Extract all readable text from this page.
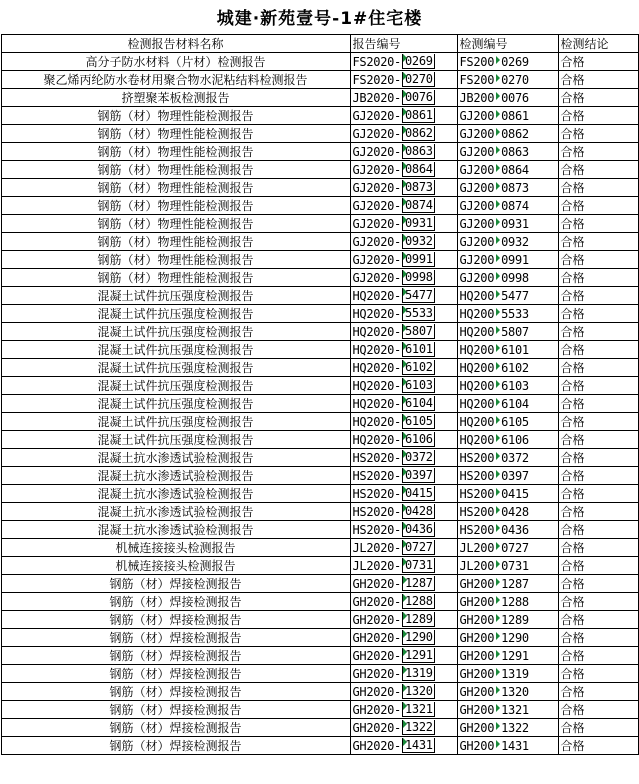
城建·新苑壹号-1#住宅楼
检测报告材料名称	报告编号	检测编号	检测结论
高分子防水材料（片材）检测报告	FS2020- 0269	FS200 0269	合格
聚乙烯丙纶防水卷材用聚合物水泥粘结料检测报告	FS2020- 0270	FS200 0270	合格
挤塑聚苯板检测报告	JB2020- 0076	JB200 0076	合格
钢筋（材）物理性能检测报告	GJ2020- 0861	GJ200 0861	合格
钢筋（材）物理性能检测报告	GJ2020- 0862	GJ200 0862	合格
钢筋（材）物理性能检测报告	GJ2020- 0863	GJ200 0863	合格
钢筋（材）物理性能检测报告	GJ2020- 0864	GJ200 0864	合格
钢筋（材）物理性能检测报告	GJ2020- 0873	GJ200 0873	合格
钢筋（材）物理性能检测报告	GJ2020- 0874	GJ200 0874	合格
钢筋（材）物理性能检测报告	GJ2020- 0931	GJ200 0931	合格
钢筋（材）物理性能检测报告	GJ2020- 0932	GJ200 0932	合格
钢筋（材）物理性能检测报告	GJ2020- 0991	GJ200 0991	合格
钢筋（材）物理性能检测报告	GJ2020- 0998	GJ200 0998	合格
混凝土试件抗压强度检测报告	HQ2020- 5477	HQ200 5477	合格
混凝土试件抗压强度检测报告	HQ2020- 5533	HQ200 5533	合格
混凝土试件抗压强度检测报告	HQ2020- 5807	HQ200 5807	合格
混凝土试件抗压强度检测报告	HQ2020- 6101	HQ200 6101	合格
混凝土试件抗压强度检测报告	HQ2020- 6102	HQ200 6102	合格
混凝土试件抗压强度检测报告	HQ2020- 6103	HQ200 6103	合格
混凝土试件抗压强度检测报告	HQ2020- 6104	HQ200 6104	合格
混凝土试件抗压强度检测报告	HQ2020- 6105	HQ200 6105	合格
混凝土试件抗压强度检测报告	HQ2020- 6106	HQ200 6106	合格
混凝土抗水渗透试验检测报告	HS2020- 0372	HS200 0372	合格
混凝土抗水渗透试验检测报告	HS2020- 0397	HS200 0397	合格
混凝土抗水渗透试验检测报告	HS2020- 0415	HS200 0415	合格
混凝土抗水渗透试验检测报告	HS2020- 0428	HS200 0428	合格
混凝土抗水渗透试验检测报告	HS2020- 0436	HS200 0436	合格
机械连接接头检测报告	JL2020- 0727	JL200 0727	合格
机械连接接头检测报告	JL2020- 0731	JL200 0731	合格
钢筋（材）焊接检测报告	GH2020- 1287	GH200 1287	合格
钢筋（材）焊接检测报告	GH2020- 1288	GH200 1288	合格
钢筋（材）焊接检测报告	GH2020- 1289	GH200 1289	合格
钢筋（材）焊接检测报告	GH2020- 1290	GH200 1290	合格
钢筋（材）焊接检测报告	GH2020- 1291	GH200 1291	合格
钢筋（材）焊接检测报告	GH2020- 1319	GH200 1319	合格
钢筋（材）焊接检测报告	GH2020- 1320	GH200 1320	合格
钢筋（材）焊接检测报告	GH2020- 1321	GH200 1321	合格
钢筋（材）焊接检测报告	GH2020- 1322	GH200 1322	合格
钢筋（材）焊接检测报告	GH2020- 1431	GH200 1431	合格
